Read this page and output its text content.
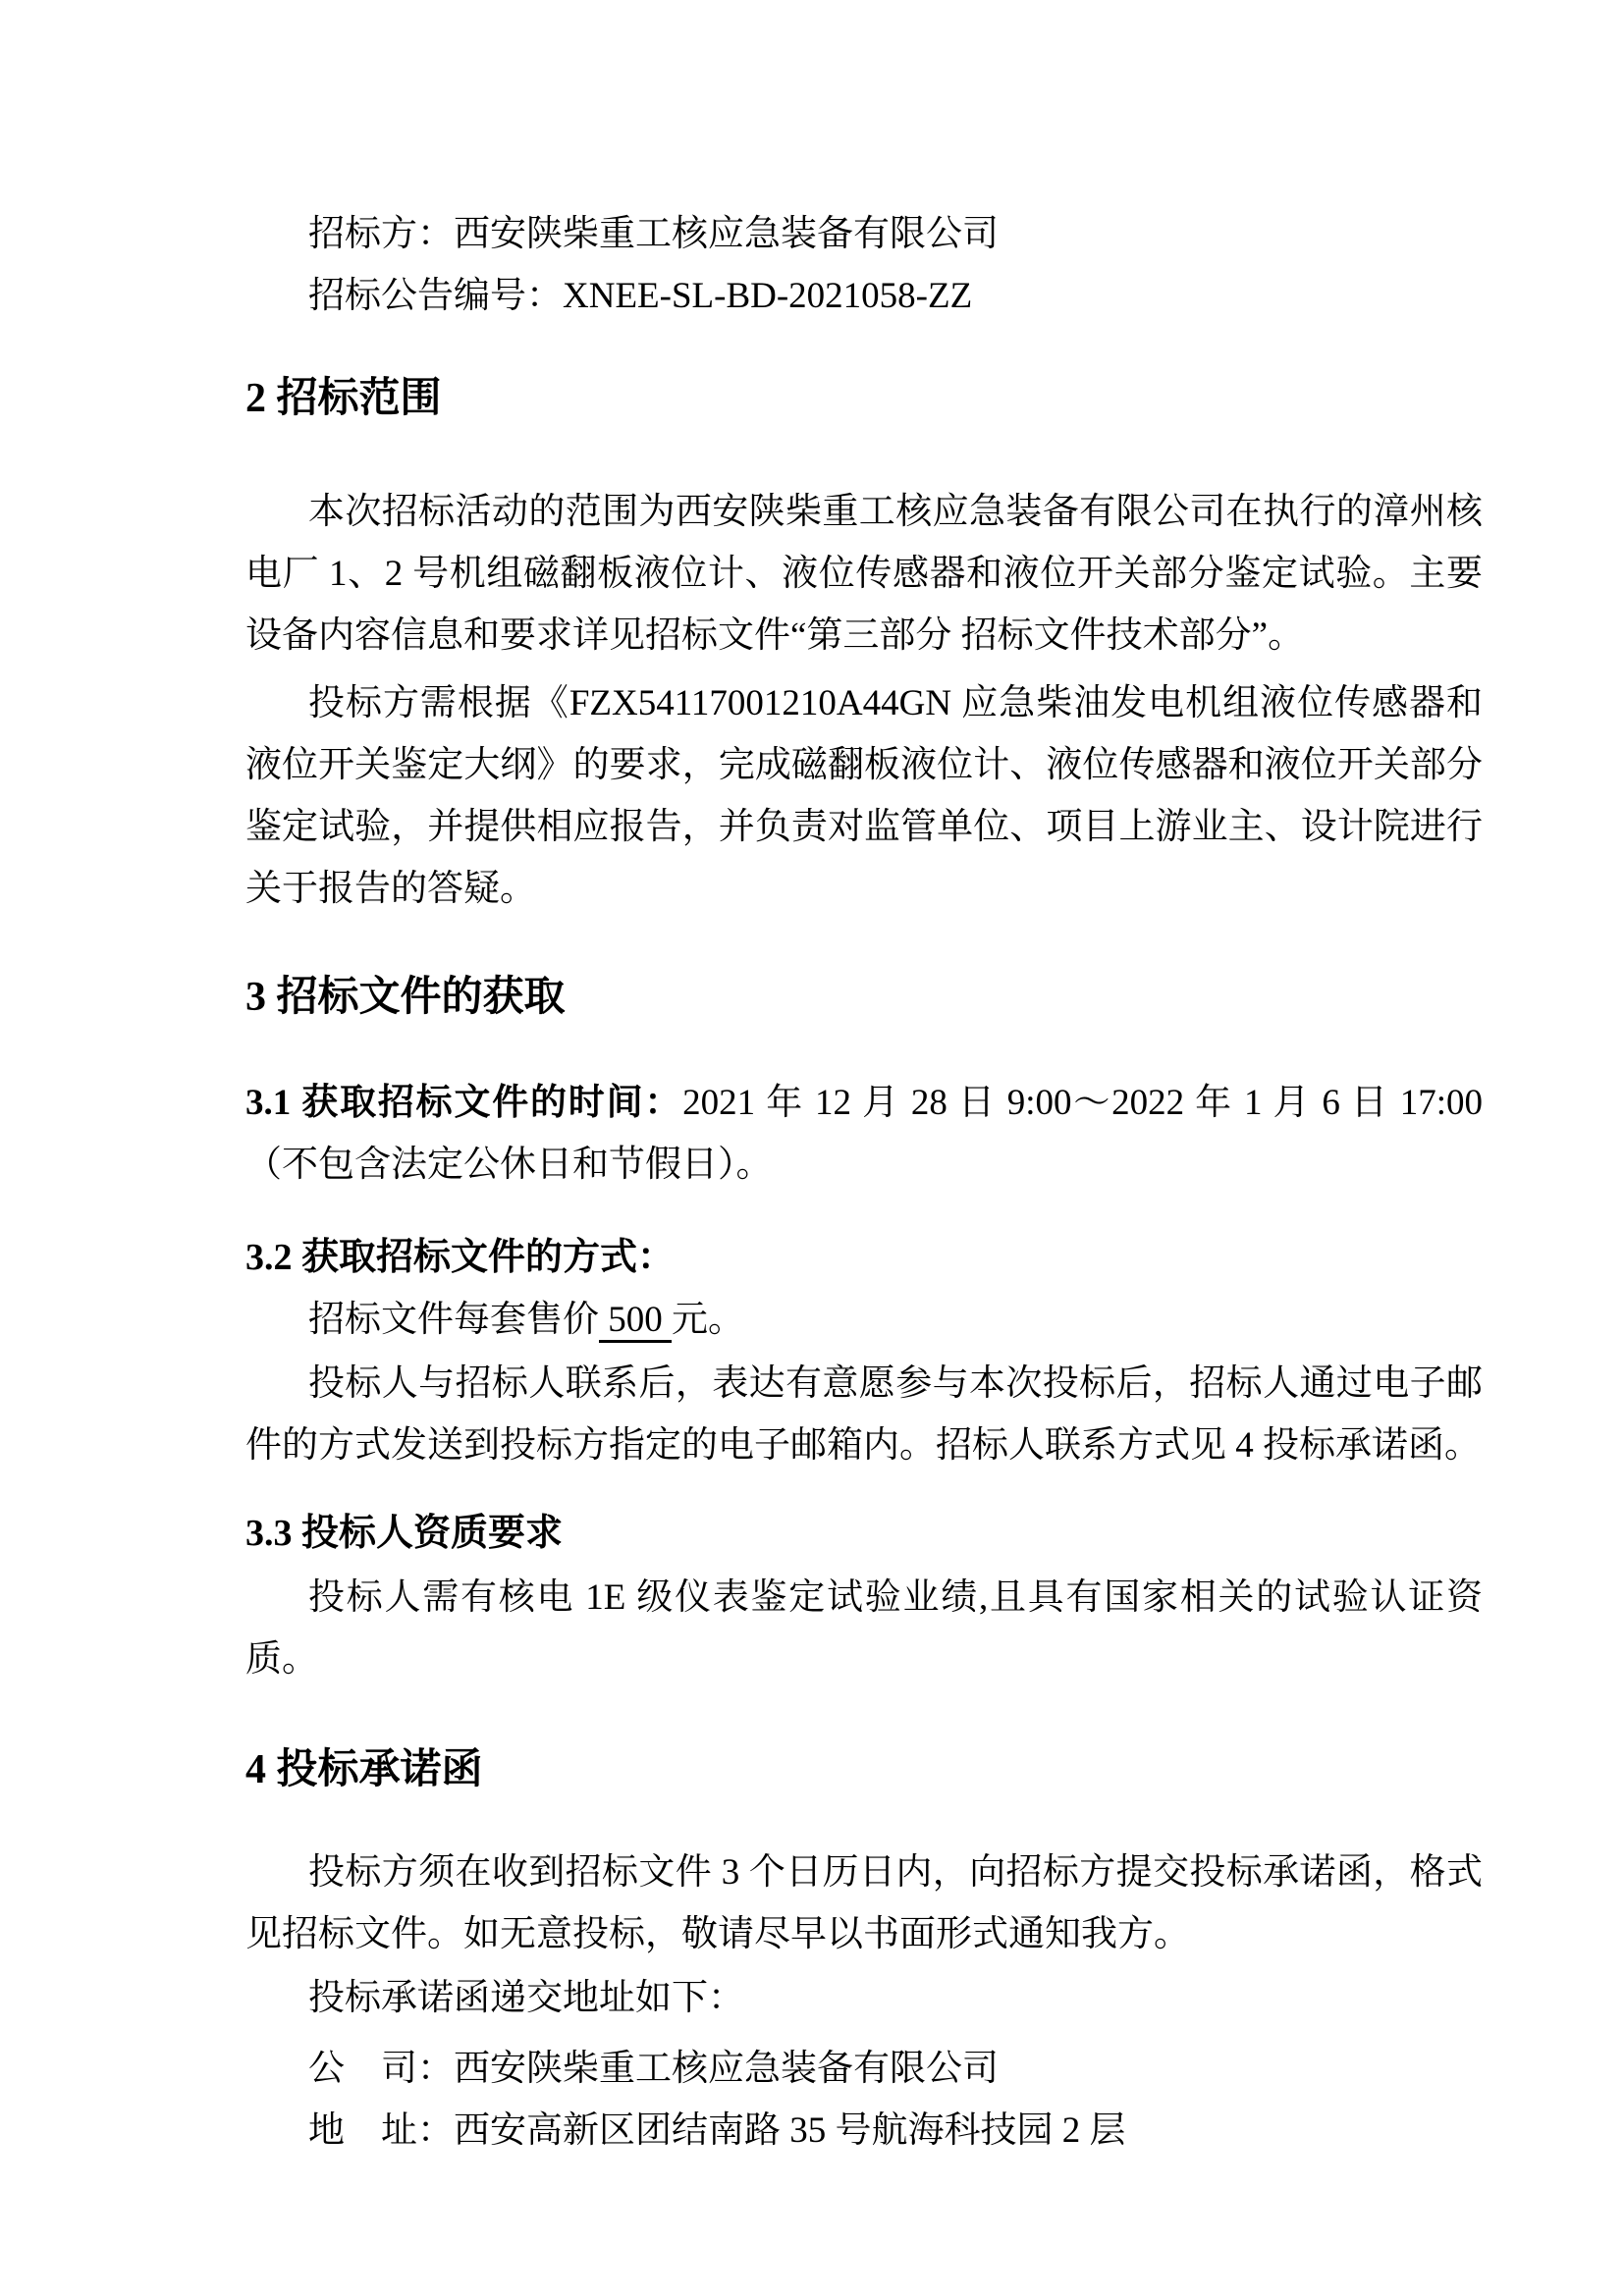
招标方：西安陕柴重工核应急装备有限公司

招标公告编号：XNEE-SL-BD-2021058-ZZ

2 招标范围

本次招标活动的范围为西安陕柴重工核应急装备有限公司在执行的漳州核电厂 1、2 号机组磁翻板液位计、液位传感器和液位开关部分鉴定试验。主要设备内容信息和要求详见招标文件“第三部分 招标文件技术部分”。

投标方需根据《FZX54117001210A44GN 应急柴油发电机组液位传感器和液位开关鉴定大纲》的要求，完成磁翻板液位计、液位传感器和液位开关部分鉴定试验，并提供相应报告，并负责对监管单位、项目上游业主、设计院进行关于报告的答疑。

3 招标文件的获取

3.1 获取招标文件的时间：2021 年 12 月 28 日 9:00～2022 年 1 月 6 日 17:00（不包含法定公休日和节假日）。

3.2 获取招标文件的方式：

招标文件每套售价 500 元。

投标人与招标人联系后，表达有意愿参与本次投标后，招标人通过电子邮件的方式发送到投标方指定的电子邮箱内。招标人联系方式见 4 投标承诺函。

3.3 投标人资质要求

投标人需有核电 1E 级仪表鉴定试验业绩,且具有国家相关的试验认证资质。

4 投标承诺函

投标方须在收到招标文件 3 个日历日内，向招标方提交投标承诺函，格式见招标文件。如无意投标，敬请尽早以书面形式通知我方。

投标承诺函递交地址如下：

公　司：西安陕柴重工核应急装备有限公司

地　址：西安高新区团结南路 35 号航海科技园 2 层
